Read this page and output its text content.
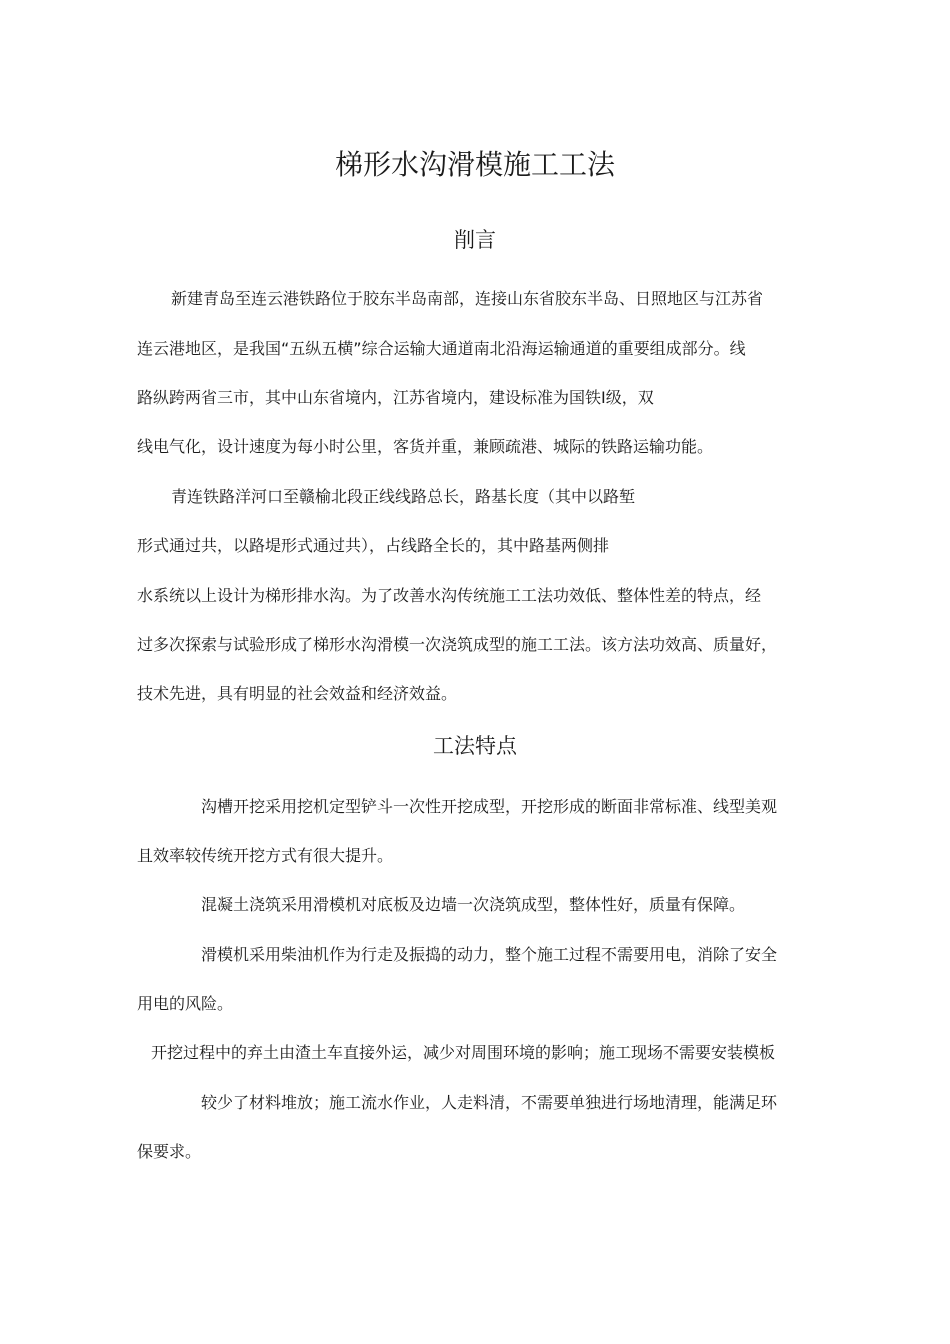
梯形水沟滑模施工工法
削言

新建青岛至连云港铁路位于胶东半岛南部，连接山东省胶东半岛、日照地区与江苏省

连云港地区，是我国“五纵五横”综合运输大通道南北沿海运输通道的重要组成部分。线

路纵跨两省三市，其中山东省境内，江苏省境内，建设标准为国铁Ⅰ级，双

线电气化，设计速度为每小时公里，客货并重，兼顾疏港、城际的铁路运输功能。

青连铁路洋河口至赣榆北段正线线路总长，路基长度（其中以路堑

形式通过共，以路堤形式通过共），占线路全长的，其中路基两侧排

水系统以上设计为梯形排水沟。为了改善水沟传统施工工法功效低、整体性差的特点，经

过多次探索与试验形成了梯形水沟滑模一次浇筑成型的施工工法。该方法功效高、质量好，

技术先进，具有明显的社会效益和经济效益。

工法特点

沟槽开挖采用挖机定型铲斗一次性开挖成型，开挖形成的断面非常标准、线型美观

且效率较传统开挖方式有很大提升。

混凝土浇筑采用滑模机对底板及边墙一次浇筑成型，整体性好，质量有保障。

滑模机采用柴油机作为行走及振捣的动力，整个施工过程不需要用电，消除了安全

用电的风险。

开挖过程中的弃土由渣土车直接外运，减少对周围环境的影响；施工现场不需要安装模板

较少了材料堆放；施工流水作业，人走料清，不需要单独进行场地清理，能满足环

保要求。
